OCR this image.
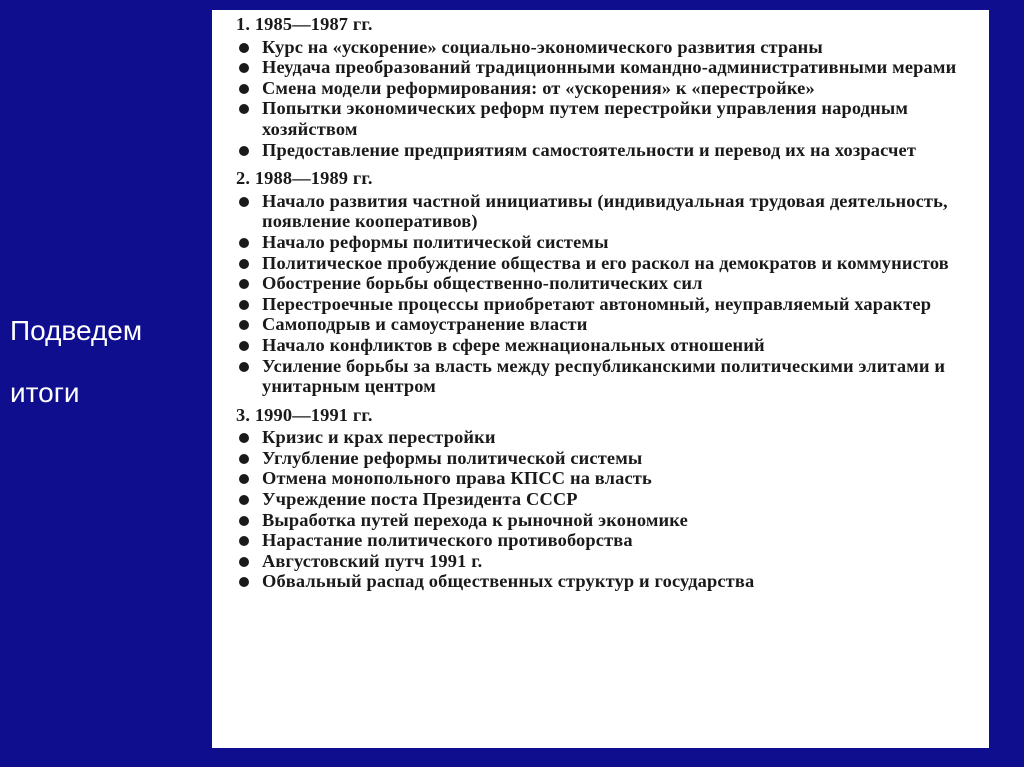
Подведем
итоги
1. 1985—1987 гг.
Курс на «ускорение» социально-экономического развития страны
Неудача преобразований традиционными командно-административными мерами
Смена модели реформирования: от «ускорения» к «перестройке»
Попытки экономических реформ путем перестройки управления народным хозяйством
Предоставление предприятиям самостоятельности и перевод их на хозрасчет
2. 1988—1989 гг.
Начало развития частной инициативы (индивидуальная трудовая деятельность, появление кооперативов)
Начало реформы политической системы
Политическое пробуждение общества и его раскол на демократов и коммунистов
Обострение борьбы общественно-политических сил
Перестроечные процессы приобретают автономный, неуправляемый характер
Самоподрыв и самоустранение власти
Начало конфликтов в сфере межнациональных отношений
Усиление борьбы за власть между республиканскими политическими элитами и унитарным центром
3. 1990—1991 гг.
Кризис и крах перестройки
Углубление реформы политической системы
Отмена монопольного права КПСС на власть
Учреждение поста Президента СССР
Выработка путей перехода к рыночной экономике
Нарастание политического противоборства
Августовский путч 1991 г.
Обвальный распад общественных структур и государства
